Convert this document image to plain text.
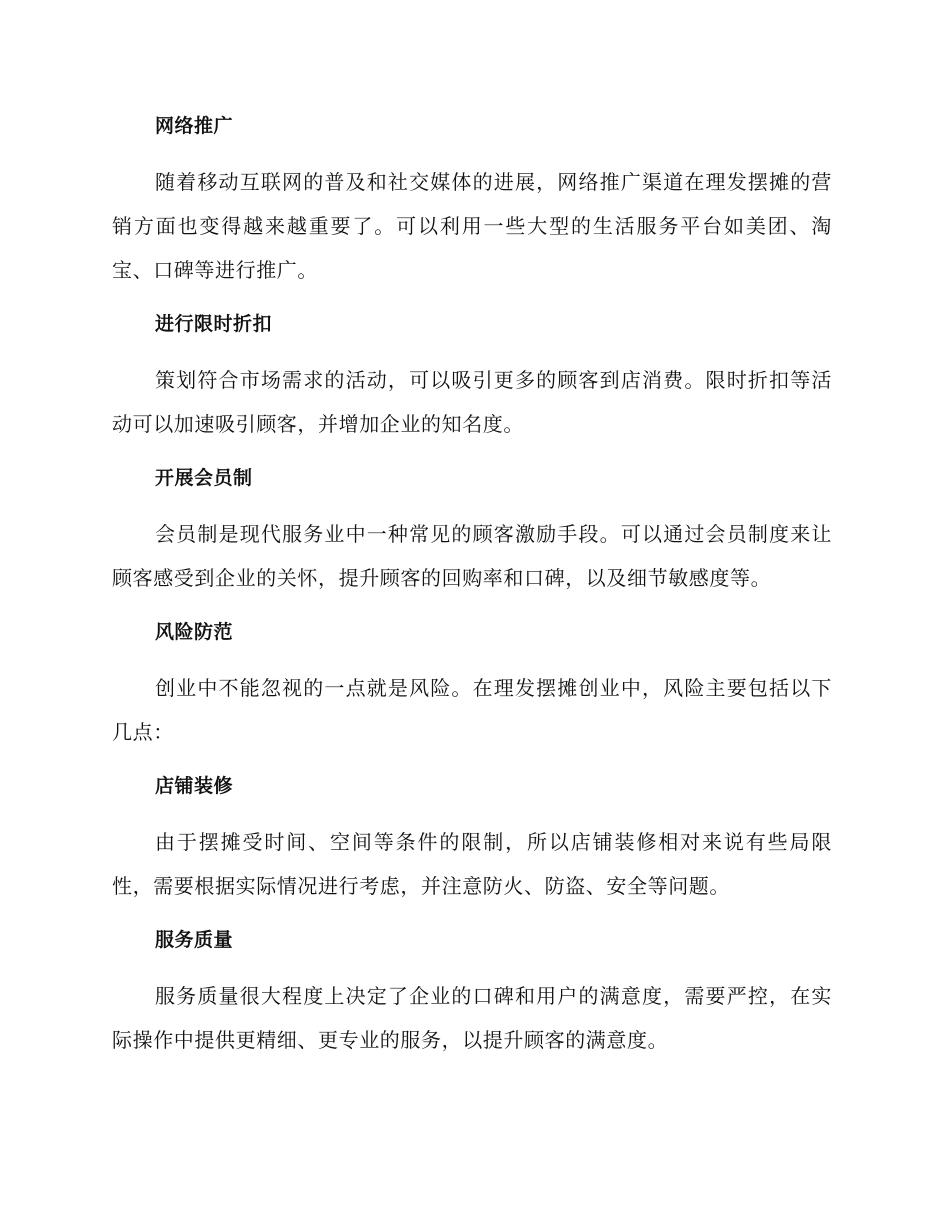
网络推广

随着移动互联网的普及和社交媒体的进展，网络推广渠道在理发摆摊的营销方面也变得越来越重要了。可以利用一些大型的生活服务平台如美团、淘宝、口碑等进行推广。

进行限时折扣

策划符合市场需求的活动，可以吸引更多的顾客到店消费。限时折扣等活动可以加速吸引顾客，并增加企业的知名度。

开展会员制

会员制是现代服务业中一种常见的顾客激励手段。可以通过会员制度来让顾客感受到企业的关怀，提升顾客的回购率和口碑，以及细节敏感度等。

风险防范

创业中不能忽视的一点就是风险。在理发摆摊创业中，风险主要包括以下几点：

店铺装修

由于摆摊受时间、空间等条件的限制，所以店铺装修相对来说有些局限性，需要根据实际情况进行考虑，并注意防火、防盗、安全等问题。

服务质量

服务质量很大程度上决定了企业的口碑和用户的满意度，需要严控，在实际操作中提供更精细、更专业的服务，以提升顾客的满意度。
